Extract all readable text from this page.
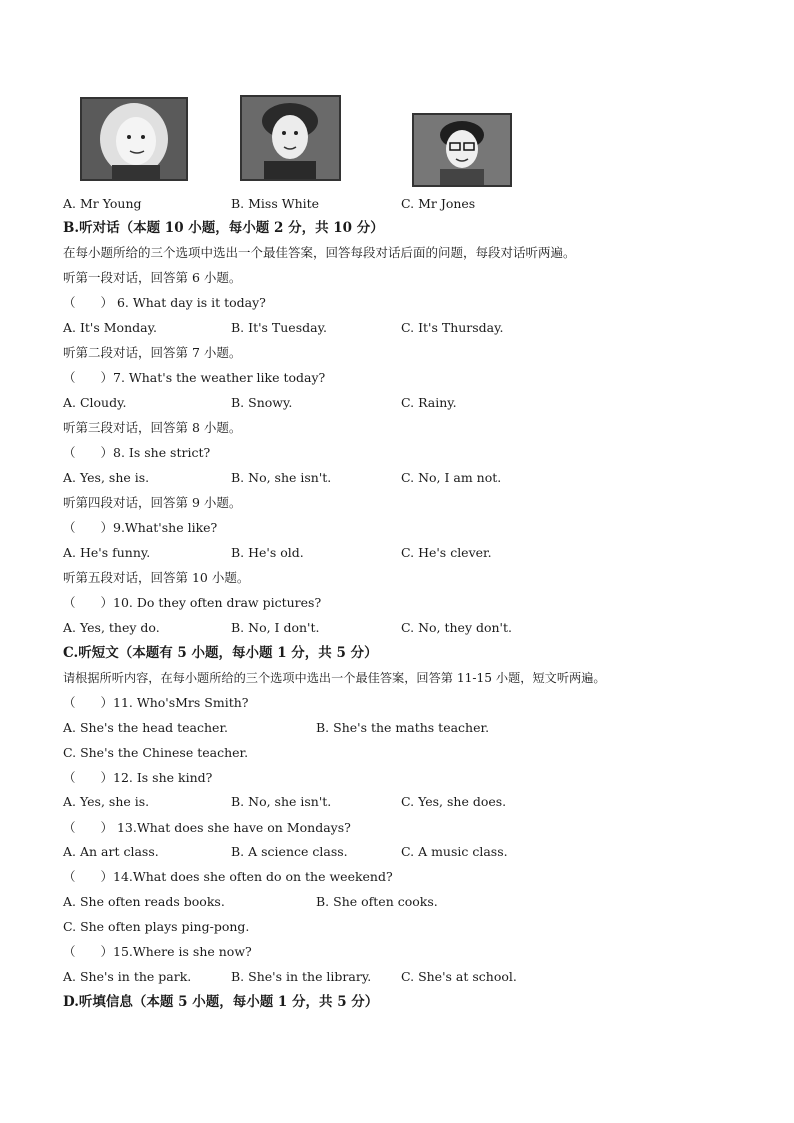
A. Mr Young	B. Miss White	C. Mr Jones
B.听对话（本题 10 小题，每小题 2 分，共 10 分）
在每小题所给的三个选项中选出一个最佳答案，回答每段对话后面的问题，每段对话听两遍。
听第一段对话，回答第 6 小题。
（　　） 6. What day is it today?
A. It's Monday.	B. It's Tuesday.	C. It's Thursday.
听第二段对话，回答第 7 小题。
（　　）7. What's the weather like today?
A. Cloudy.	B. Snowy.	C. Rainy.
听第三段对话，回答第 8 小题。
（　　）8. Is she strict?
A. Yes, she is.	B. No, she isn't.	C. No, I am not.
听第四段对话，回答第 9 小题。
（　　）9.What'she like?
A. He's funny.	B. He's old.	C. He's clever.
听第五段对话，回答第 10 小题。
（　　）10. Do they often draw pictures?
A. Yes, they do.	B. No, I don't.	C. No, they don't.
C.听短文（本题有 5 小题，每小题 1 分，共 5 分）
请根据所听内容，在每小题所给的三个选项中选出一个最佳答案，回答第 11-15 小题，短文听两遍。
（　　）11. Who'sMrs Smith?
A. She's the head teacher.	B. She's the maths teacher.
C. She's the Chinese teacher.
（　　）12. Is she kind?
A. Yes, she is.	B. No, she isn't.	C. Yes, she does.
（　　） 13.What does she have on Mondays?
A. An art class.	B. A science class.	C. A music class.
（　　）14.What does she often do on the weekend?
A. She often reads books.	B. She often cooks.
C. She often plays ping-pong.
（　　）15.Where is she now?
A. She's in the park.	B. She's in the library. C. She's at school.
D.听填信息（本题 5 小题，每小题 1 分，共 5 分）
